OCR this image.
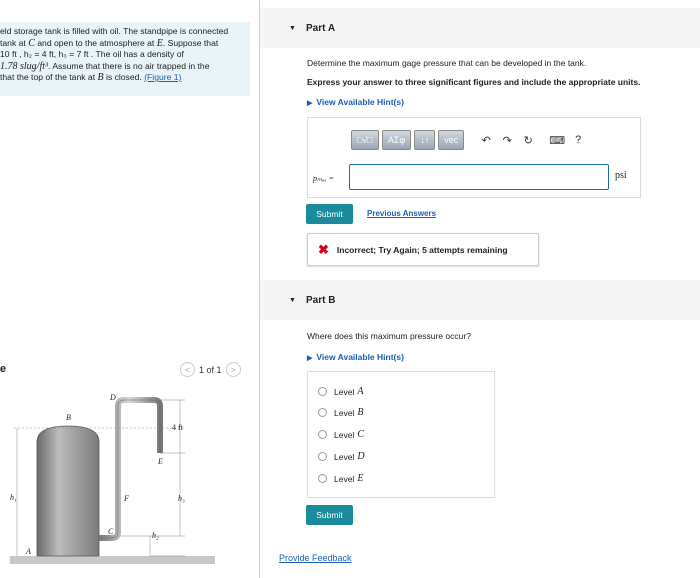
eld storage tank is filled with oil. The standpipe is connected
tank at C and open to the atmosphere at E. Suppose that
10 ft , h₂ = 4 ft, h₃ = 7 ft . The oil has a density of
1.78 slug/ft³. Assume that there is no air trapped in the
that the top of the tank at B is closed. (Figure 1)
e	< 1 of 1 >
A
B
C
D
E
F
h₁
h₂
h₃
4 ft
▼ Part A
Determine the maximum gage pressure that can be developed in the tank.
Express your answer to three significant figures and include the appropriate units.
▶ View Available Hint(s)
□√□	AΣφ	↓↑	vec	↶	↷	↻	⌨ ?
pₘₐₓ =	psi
Submit	Previous Answers
✖ Incorrect; Try Again; 5 attempts remaining
▼ Part B
Where does this maximum pressure occur?
▶ View Available Hint(s)
Level A
Level B
Level C
Level D
Level E
Submit
Provide Feedback
